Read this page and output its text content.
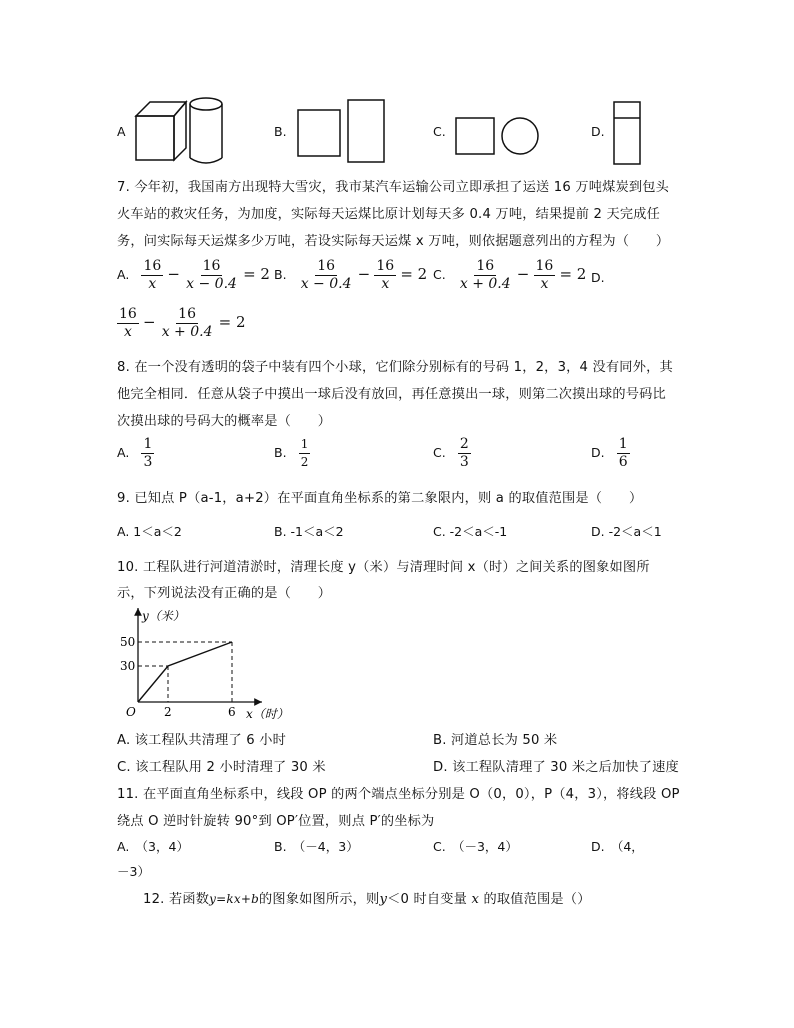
A	B.	C.	D.
7. 今年初，我国南方出现特大雪灾，我市某汽车运输公司立即承担了运送 16 万吨煤炭到包头
火车站的救灾任务，为加度，实际每天运煤比原计划每天多 0.4 万吨，结果提前 2 天完成任
务，问实际每天运煤多少万吨，若设实际每天运煤 x 万吨，则依据题意列出的方程为（　　）
A. $\frac{16}{x} - \frac{16}{x - 0.4} = 2$ B. $\frac{16}{x - 0.4} - \frac{16}{x} = 2$ C. $\frac{16}{x + 0.4} - \frac{16}{x} = 2$ D.
$\frac{16}{x} - \frac{16}{x + 0.4} = 2$
8. 在一个没有透明的袋子中装有四个小球，它们除分别标有的号码 1，2，3，4 没有同外，其
他完全相同．任意从袋子中摸出一球后没有放回，再任意摸出一球，则第二次摸出球的号码比
次摸出球的号码大的概率是（　　）
A. $\frac{1}{3}$	B. $\frac{1}{2}$	C. $\frac{2}{3}$	D. $\frac{1}{6}$
9. 已知点 P（a-1，a+2）在平面直角坐标系的第二象限内，则 a 的取值范围是（　　）
A. 1＜a＜2	B. -1＜a＜2	C. -2＜a＜-1	D. -2＜a＜1
10. 工程队进行河道清淤时，清理长度 y（米）与清理时间 x（时）之间关系的图象如图所
示，下列说法没有正确的是（　　）
y（米）
x（时）
O
50
30
2	6
A. 该工程队共清理了 6 小时	B. 河道总长为 50 米
C. 该工程队用 2 小时清理了 30 米	D. 该工程队清理了 30 米之后加快了速度
11. 在平面直角坐标系中，线段 OP 的两个端点坐标分别是 O（0，0），P（4，3），将线段 OP
绕点 O 逆时针旋转 90°到 OP′位置，则点 P′的坐标为
A.　（3，4）	B.　（－4，3）	C.　（－3，4）	D.　（4，
－3）
12. 若函数y=kx+b的图象如图所示，则y＜0 时自变量 x 的取值范围是（）
